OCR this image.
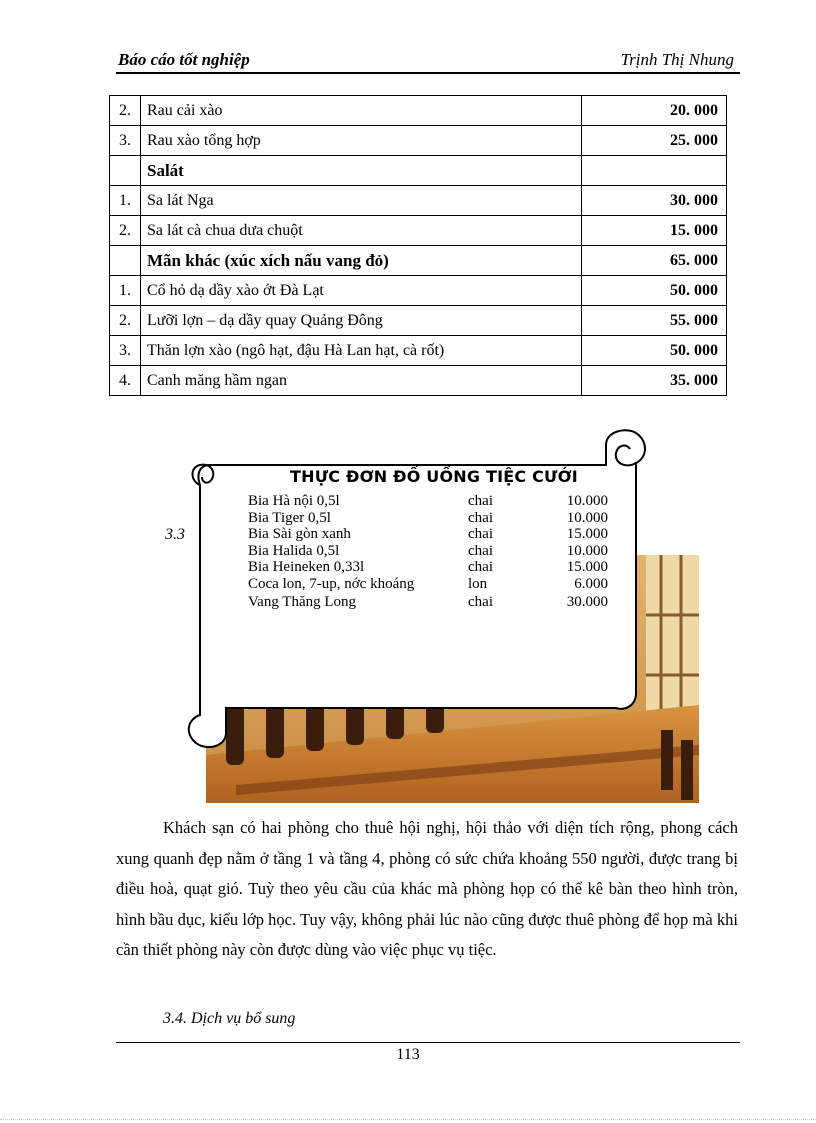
Báo cáo tốt nghiệp	Trịnh Thị Nhung
2.	Rau cải xào	20. 000
3.	Rau xào tổng hợp	25. 000
	Salát	
1.	Sa lát Nga	30. 000
2.	Sa lát cà chua dưa chuột	15. 000
	Mãn khác (xúc xích nấu vang đỏ)	65. 000
1.	Cổ hỏ dạ dầy xào ớt Đà Lạt	50. 000
2.	Lưỡi lợn – dạ dầy quay Quảng Đông	55. 000
3.	Thăn lợn xào (ngô hạt, đậu Hà Lan hạt, cà rốt)	50. 000
4.	Canh măng hầm ngan	35. 000
3.3
THỰC ĐƠN ĐỒ UỐNG TIỆC CƯỚI
Bia Hà nội 0,5l	chai	10.000
Bia Tiger 0,5l	chai	10.000
Bia Sài gòn xanh	chai	15.000
Bia Halida 0,5l	chai	10.000
Bia Heineken 0,33l	chai	15.000
Coca lon, 7-up, nớc khoáng	lon	6.000
Vang Thăng Long	chai	30.000

Khách sạn có hai phòng cho thuê hội nghị, hội thảo với diện tích rộng, phong cách xung quanh đẹp nằm ở tầng 1 và tầng 4, phòng có sức chứa khoảng 550 người, được trang bị điều hoà, quạt gió. Tuỳ theo yêu cầu của khác mà phòng họp có thể kê bàn theo hình tròn, hình bầu dục, kiểu lớp học. Tuy vậy, không phải lúc nào cũng được thuê phòng để họp mà khi cần thiết phòng này còn được dùng vào việc phục vụ tiệc.

3.4. Dịch vụ bổ sung
113
